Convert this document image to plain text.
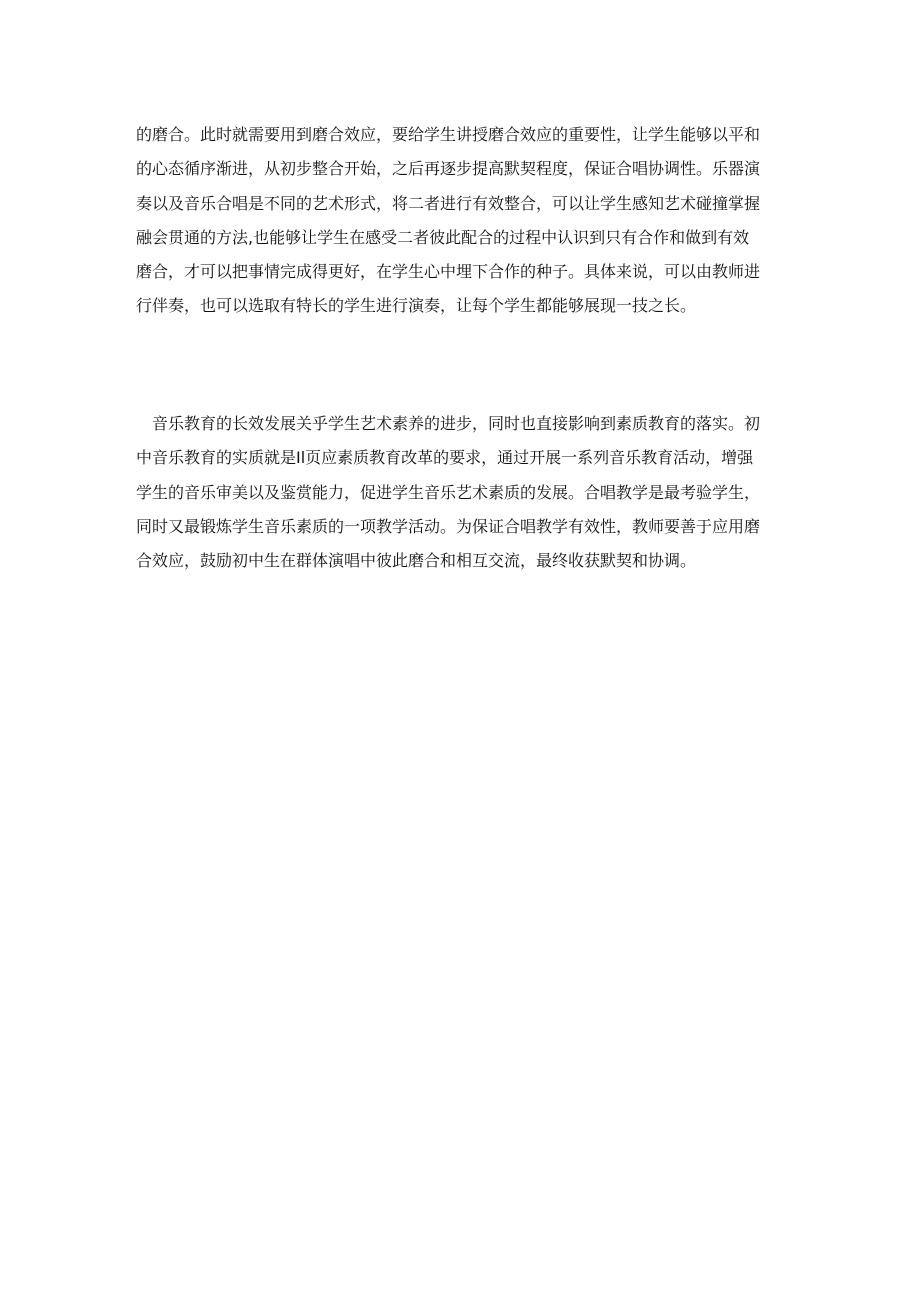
的磨合。此时就需要用到磨合效应，要给学生讲授磨合效应的重要性，让学生能够以平和
的心态循序渐进，从初步整合开始，之后再逐步提高默契程度，保证合唱协调性。乐器演
奏以及音乐合唱是不同的艺术形式，将二者进行有效整合，可以让学生感知艺术碰撞掌握
融会贯通的方法,也能够让学生在感受二者彼此配合的过程中认识到只有合作和做到有效
磨合，才可以把事情完成得更好，在学生心中埋下合作的种子。具体来说，可以由教师进
行伴奏，也可以选取有特长的学生进行演奏，让每个学生都能够展现一技之长。
　音乐教育的长效发展关乎学生艺术素养的进步，同时也直接影响到素质教育的落实。初
中音乐教育的实质就是Il页应素质教育改革的要求，通过开展一系列音乐教育活动，增强
学生的音乐审美以及鉴赏能力，促进学生音乐艺术素质的发展。合唱教学是最考验学生，
同时又最锻炼学生音乐素质的一项教学活动。为保证合唱教学有效性，教师要善于应用磨
合效应，鼓励初中生在群体演唱中彼此磨合和相互交流，最终收获默契和协调。
